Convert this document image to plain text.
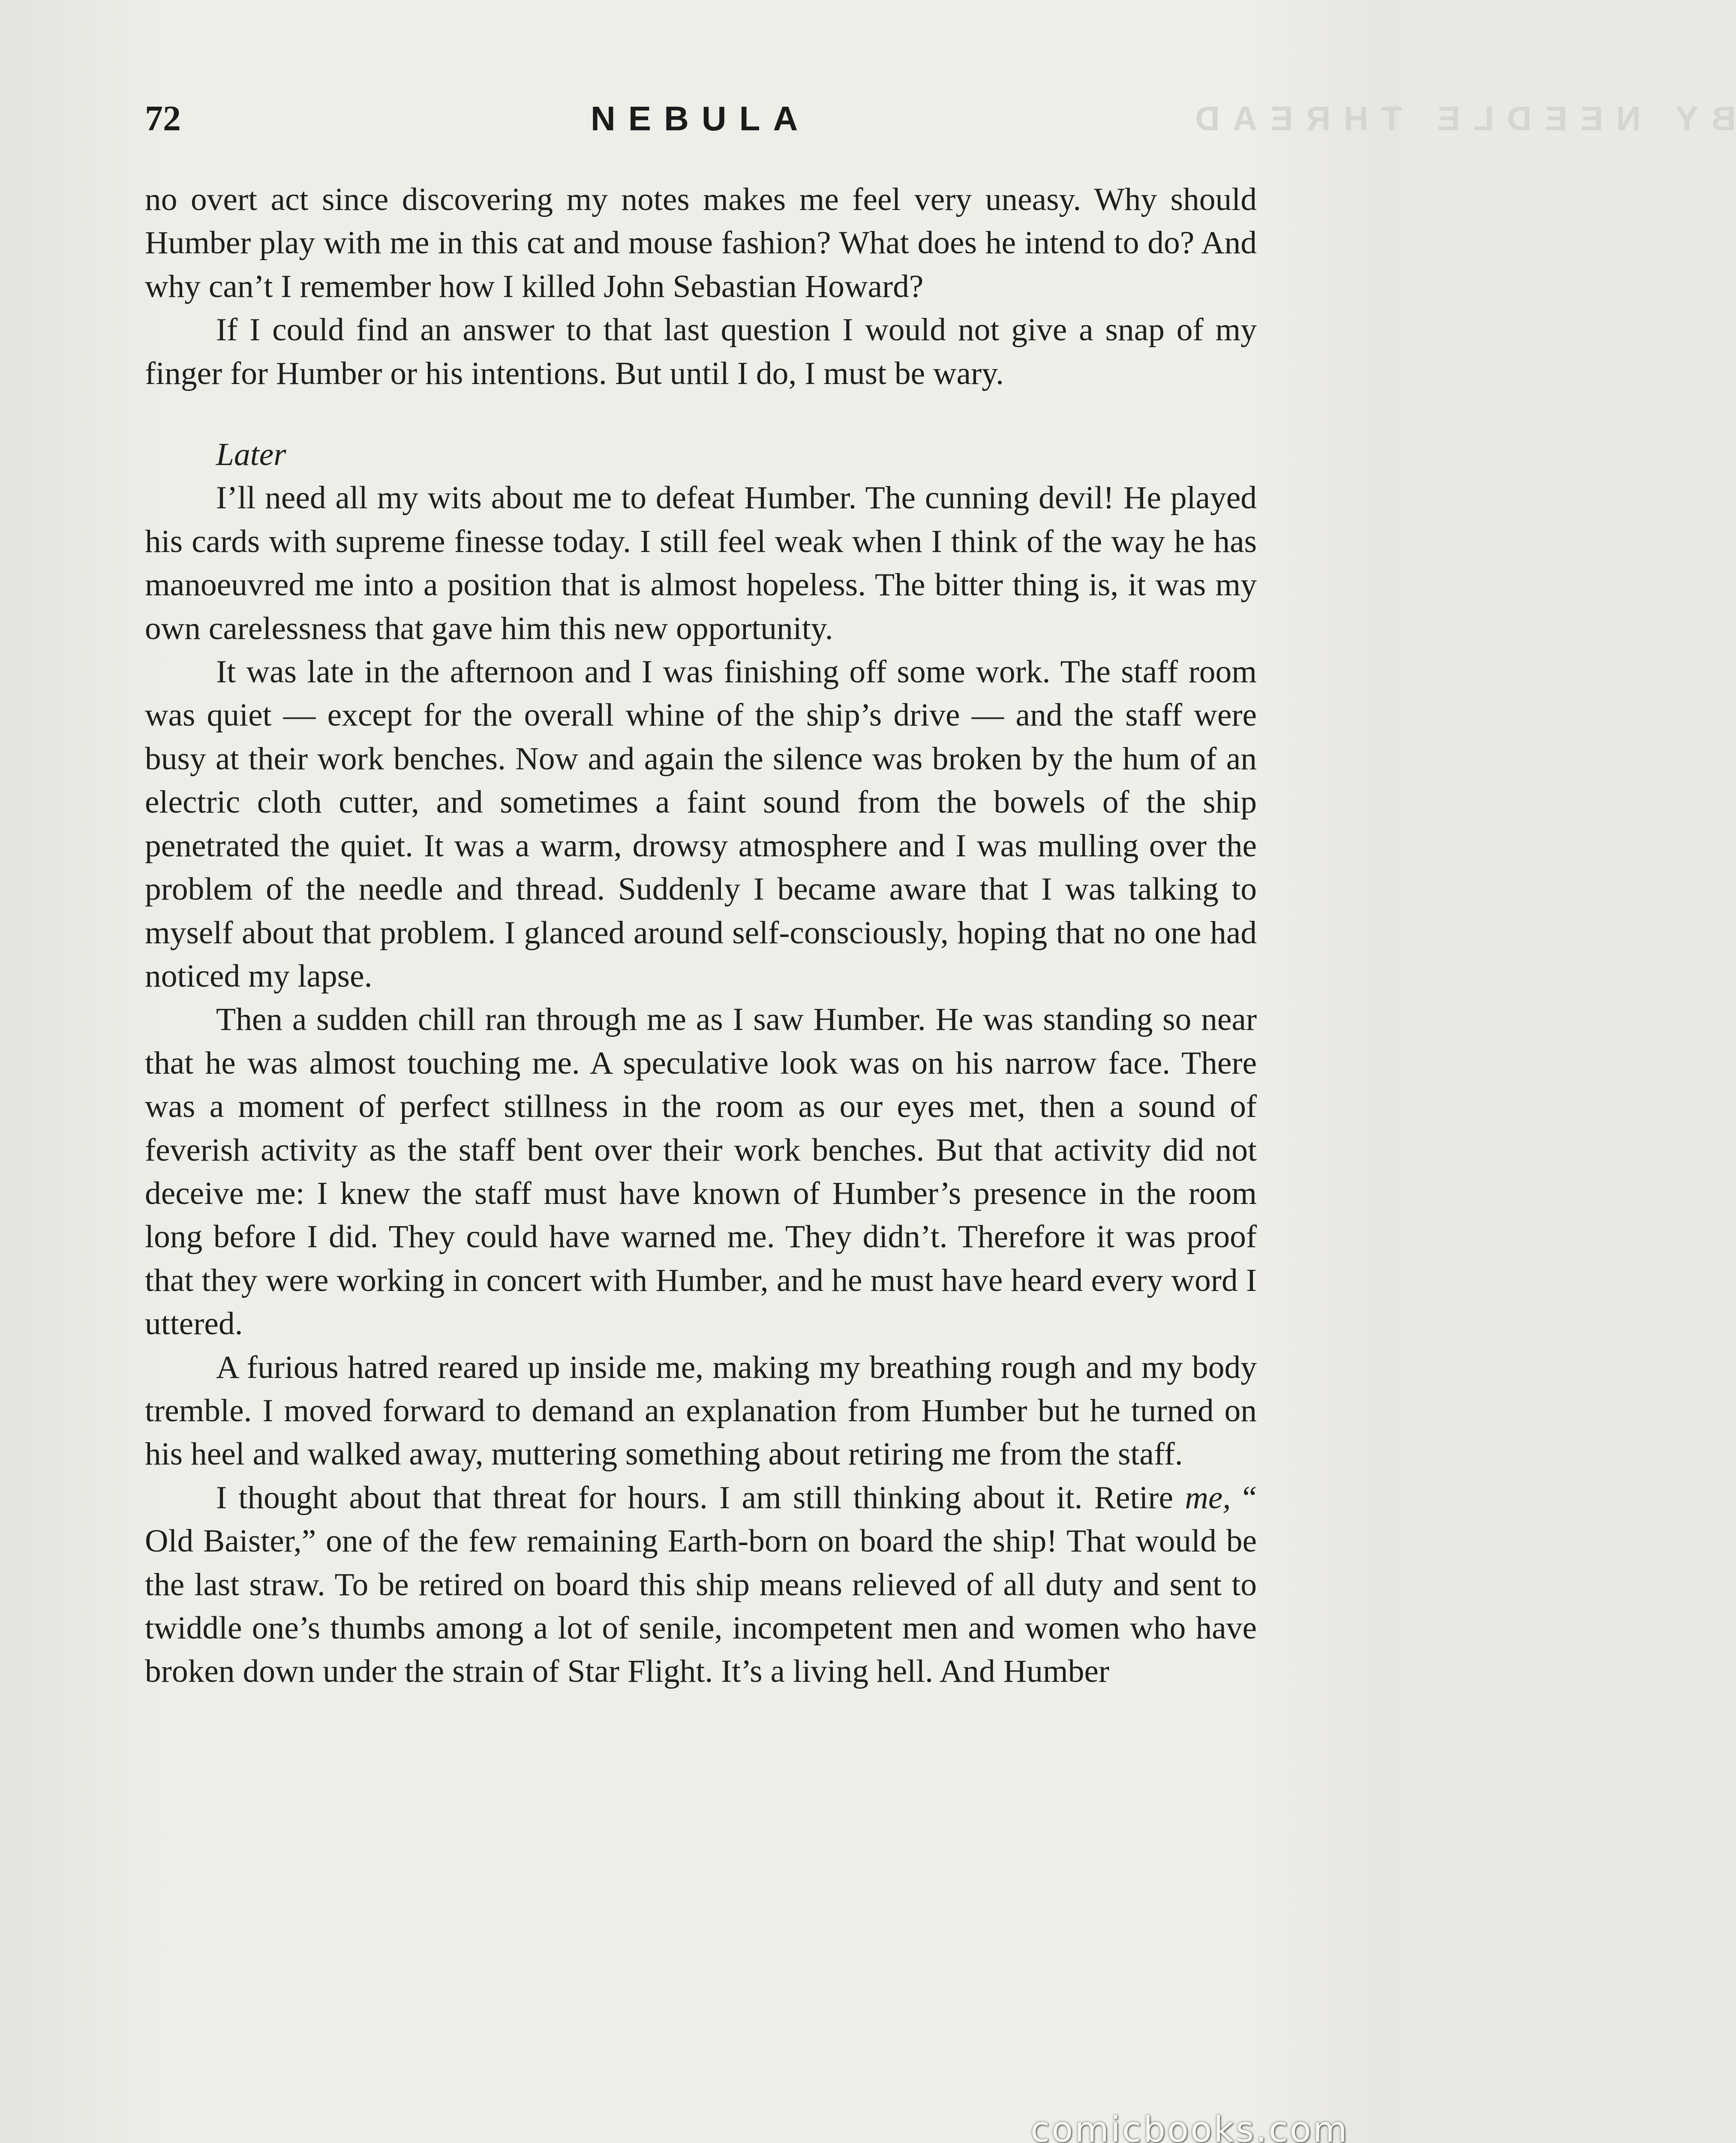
72	NEBULA	BY NEEDLE THREAD

no overt act since discovering my notes makes me feel very uneasy. Why should Humber play with me in this cat and mouse fashion? What does he intend to do? And why can’t I remember how I killed John Sebastian Howard?

If I could find an answer to that last question I would not give a snap of my finger for Humber or his intentions. But until I do, I must be wary.

Later

I’ll need all my wits about me to defeat Humber. The cunning devil! He played his cards with supreme finesse today. I still feel weak when I think of the way he has manoeuvred me into a position that is almost hopeless. The bitter thing is, it was my own carelessness that gave him this new opportunity.

It was late in the afternoon and I was finishing off some work. The staff room was quiet — except for the overall whine of the ship’s drive — and the staff were busy at their work benches. Now and again the silence was broken by the hum of an electric cloth cutter, and sometimes a faint sound from the bowels of the ship penetrated the quiet. It was a warm, drowsy atmosphere and I was mulling over the problem of the needle and thread. Suddenly I became aware that I was talking to myself about that problem. I glanced around self-consciously, hoping that no one had noticed my lapse.

Then a sudden chill ran through me as I saw Humber. He was standing so near that he was almost touching me. A speculative look was on his narrow face. There was a moment of perfect stillness in the room as our eyes met, then a sound of feverish activity as the staff bent over their work benches. But that activity did not deceive me: I knew the staff must have known of Humber’s presence in the room long before I did. They could have warned me. They didn’t. Therefore it was proof that they were working in concert with Humber, and he must have heard every word I uttered.

A furious hatred reared up inside me, making my breathing rough and my body tremble. I moved forward to demand an explanation from Humber but he turned on his heel and walked away, muttering something about retiring me from the staff.

I thought about that threat for hours. I am still thinking about it. Retire me, “ Old Baister,” one of the few remaining Earth-born on board the ship! That would be the last straw. To be retired on board this ship means relieved of all duty and sent to twiddle one’s thumbs among a lot of senile, incompetent men and women who have broken down under the strain of Star Flight. It’s a living hell. And Humber

comicbooks.com
